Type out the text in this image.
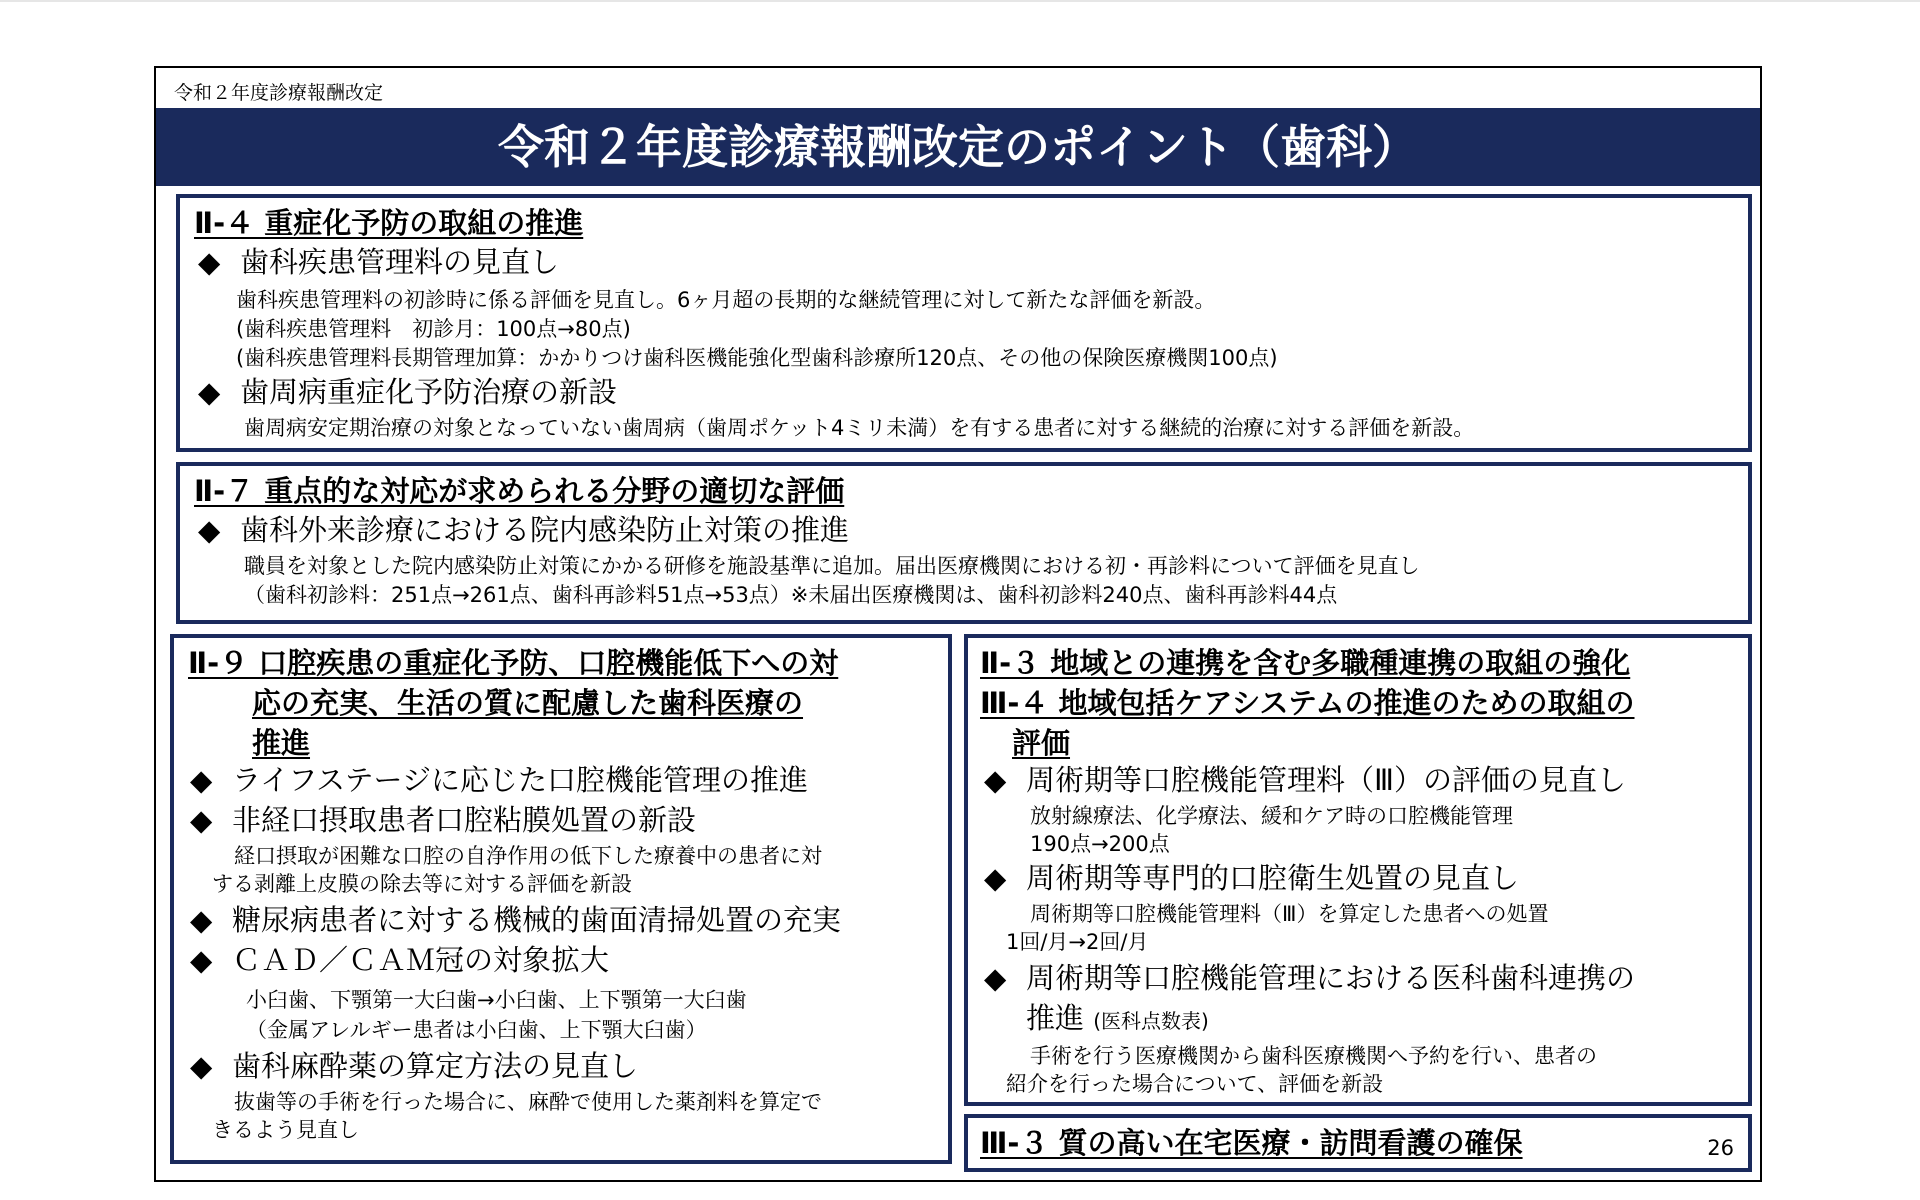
令和２年度診療報酬改定
令和２年度診療報酬改定のポイント（歯科）
Ⅱ-４ 重症化予防の取組の推進
◆ 歯科疾患管理料の見直し
歯科疾患管理料の初診時に係る評価を見直し。6ヶ月超の長期的な継続管理に対して新たな評価を新設。
(歯科疾患管理料　初診月：100点→80点)
(歯科疾患管理料長期管理加算：かかりつけ歯科医機能強化型歯科診療所120点、その他の保険医療機関100点)
◆ 歯周病重症化予防治療の新設
歯周病安定期治療の対象となっていない歯周病（歯周ポケット4ミリ未満）を有する患者に対する継続的治療に対する評価を新設。
Ⅱ-７ 重点的な対応が求められる分野の適切な評価
◆ 歯科外来診療における院内感染防止対策の推進
職員を対象とした院内感染防止対策にかかる研修を施設基準に追加。届出医療機関における初・再診料について評価を見直し
（歯科初診料：251点→261点、歯科再診料51点→53点）※未届出医療機関は、歯科初診料240点、歯科再診料44点
Ⅱ-９ 口腔疾患の重症化予防、口腔機能低下への対
応の充実、生活の質に配慮した歯科医療の
推進
◆ ライフステージに応じた口腔機能管理の推進
◆ 非経口摂取患者口腔粘膜処置の新設
経口摂取が困難な口腔の自浄作用の低下した療養中の患者に対
する剥離上皮膜の除去等に対する評価を新設
◆ 糖尿病患者に対する機械的歯面清掃処置の充実
◆ ＣＡＤ／ＣＡＭ冠の対象拡大
小臼歯、下顎第一大臼歯→小臼歯、上下顎第一大臼歯
（金属アレルギー患者は小臼歯、上下顎大臼歯）
◆ 歯科麻酔薬の算定方法の見直し
抜歯等の手術を行った場合に、麻酔で使用した薬剤料を算定で
きるよう見直し
Ⅱ-３ 地域との連携を含む多職種連携の取組の強化
Ⅲ-４ 地域包括ケアシステムの推進のための取組の
評価
◆ 周術期等口腔機能管理料（Ⅲ）の評価の見直し
放射線療法、化学療法、緩和ケア時の口腔機能管理
190点→200点
◆ 周術期等専門的口腔衛生処置の見直し
周術期等口腔機能管理料（Ⅲ）を算定した患者への処置
1回/月→2回/月
◆ 周術期等口腔機能管理における医科歯科連携の
推進 (医科点数表)
手術を行う医療機関から歯科医療機関へ予約を行い、患者の
紹介を行った場合について、評価を新設
Ⅲ-３ 質の高い在宅医療・訪問看護の確保	26
